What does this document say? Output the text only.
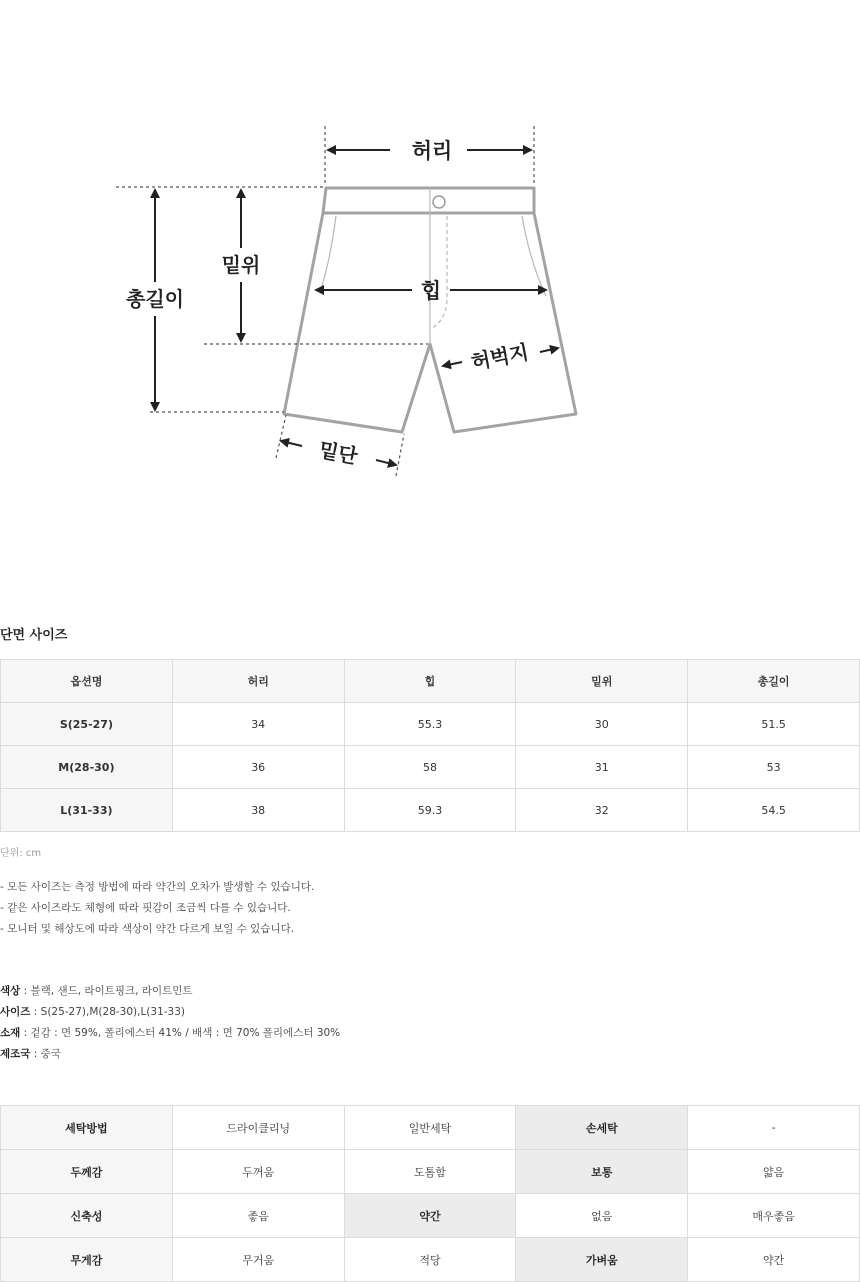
허리
총길이
밑위
힙
허벅지
밑단
단면 사이즈
옵션명	허리	힙	밑위	총길이
S(25-27)	34	55.3	30	51.5
M(28-30)	36	58	31	53
L(31-33)	38	59.3	32	54.5
단위: cm
- 모든 사이즈는 측정 방법에 따라 약간의 오차가 발생할 수 있습니다.
- 같은 사이즈라도 체형에 따라 핏감이 조금씩 다를 수 있습니다.
- 모니터 및 해상도에 따라 색상이 약간 다르게 보일 수 있습니다.
색상 : 블랙, 샌드, 라이트핑크, 라이트민트
사이즈 : S(25-27),M(28-30),L(31-33)
소재 : 겉감 : 면 59%, 폴리에스터 41% / 배색 : 면 70% 폴리에스터 30%
제조국 : 중국
세탁방법	드라이클리닝	일반세탁	손세탁	-
두께감	두꺼움	도톰함	보통	얇음
신축성	좋음	약간	없음	매우좋음
무게감	무거움	적당	가벼움	약간
